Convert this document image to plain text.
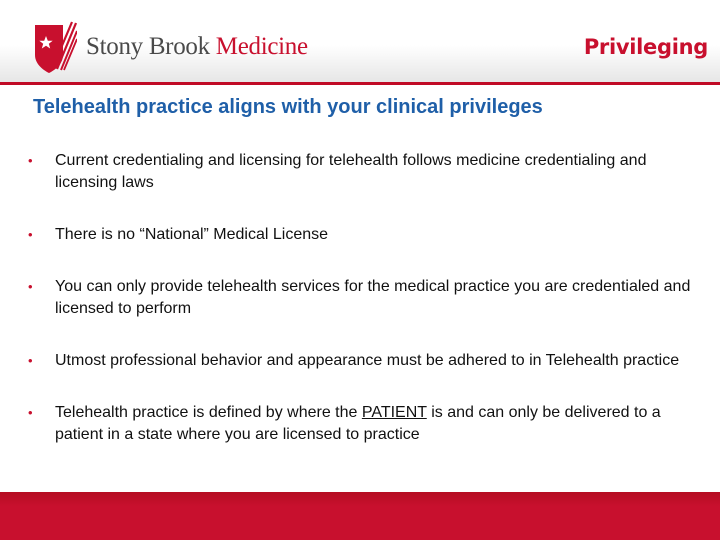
Stony Brook Medicine	Privileging
Telehealth practice aligns with your clinical privileges
•	Current credentialing and licensing for telehealth follows medicine credentialing and licensing laws
•	There is no “National” Medical License
•	You can only provide telehealth services for the medical practice you are credentialed and licensed to perform
•	Utmost professional behavior and appearance must be adhered to in Telehealth practice
•	Telehealth practice is defined by where the PATIENT is and can only be delivered to a patient in a state where you are licensed to practice
